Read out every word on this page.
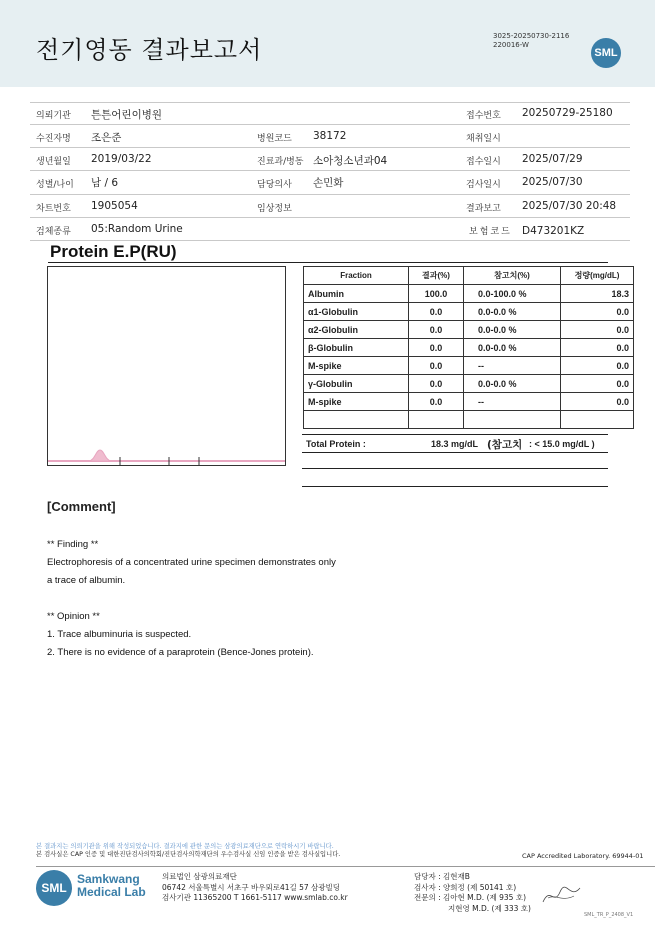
전기영동 결과보고서	3025-20250730-2116
220016-W
SML
의뢰기관 튼튼어린이병원	접수번호 20250729-25180
수진자명 조은준	병원코드 38172	채취일시
생년월일 2019/03/22	진료과/병동 소아청소년과04	접수일시 2025/07/29
성별/나이 남 / 6	담당의사 손민화	검사일시 2025/07/30
차트번호 1905054	임상정보	결과보고 2025/07/30 20:48
검체종류 05:Random Urine	보험코드 D473201KZ
Protein E.P(RU)
Fraction	결과(%)	참고치(%)	정량(mg/dL)
Albumin	100.0	0.0-100.0 %	18.3
α1-Globulin	0.0	0.0-0.0 %	0.0
α2-Globulin	0.0	0.0-0.0 %	0.0
β-Globulin	0.0	0.0-0.0 %	0.0
M-spike	0.0	--	0.0
γ-Globulin	0.0	0.0-0.0 %	0.0
M-spike	0.0	--	0.0

Total Protein :	18.3 mg/dL (참고치 : < 15.0 mg/dL )
[Comment]
** Finding **
Electrophoresis of a concentrated urine specimen demonstrates only
a trace of albumin.
** Opinion **
1. Trace albuminuria is suspected.
2. There is no evidence of a paraprotein (Bence-Jones protein).
본 결과지는 의뢰기관을 위해 작성되었습니다. 결과지에 관한 문의는 삼광의료재단으로 연락하시기 바랍니다.
본 검사실은 CAP 인증 및 대한진단검사의학회/진단검사의학재단의 우수검사실 신임 인증을 받은 검사실입니다.	CAP Accredited Laboratory. 69944-01
SML
Samkwang
Medical Lab
의료법인 삼광의료재단
06742 서울특별시 서초구 바우뫼로41길 57 삼광빌딩
검사기관 11365200 T 1661-5117 www.smlab.co.kr
담당자 : 김현재B
검사자 : 양희정 (제 50141 호)
전문의 : 김아현 M.D. (제 935 호)
지현영 M.D. (제 333 호)
SML_TR_P_2408_V1
